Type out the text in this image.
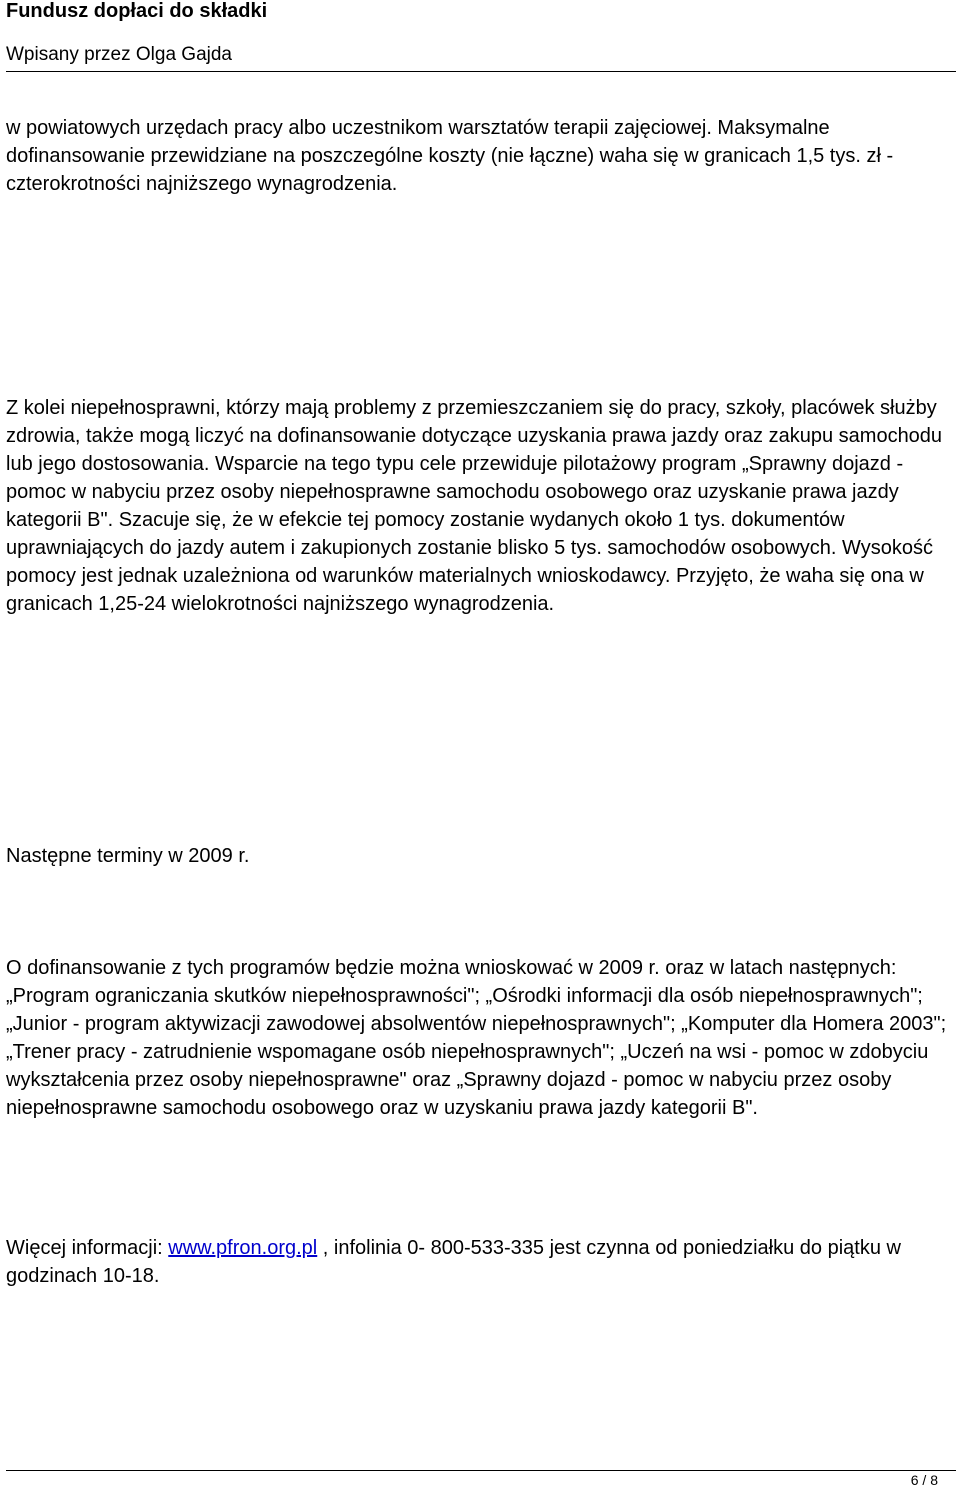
Fundusz dopłaci do składki
Wpisany przez Olga Gajda

w powiatowych urzędach pracy albo uczestnikom warsztatów terapii zajęciowej. Maksymalne dofinansowanie przewidziane na poszczególne koszty (nie łączne) waha się w granicach 1,5 tys. zł - czterokrotności najniższego wynagrodzenia.

Z kolei niepełnosprawni, którzy mają problemy z przemieszczaniem się do pracy, szkoły, placówek służby zdrowia, także mogą liczyć na dofinansowanie dotyczące uzyskania prawa jazdy oraz zakupu samochodu lub jego dostosowania. Wsparcie na tego typu cele przewiduje pilotażowy program „Sprawny dojazd - pomoc w nabyciu przez osoby niepełnosprawne samochodu osobowego oraz uzyskanie prawa jazdy kategorii B". Szacuje się, że w efekcie tej pomocy zostanie wydanych około 1 tys. dokumentów uprawniających do jazdy autem i zakupionych zostanie blisko 5 tys. samochodów osobowych. Wysokość pomocy jest jednak uzależniona od warunków materialnych wnioskodawcy. Przyjęto, że waha się ona w granicach 1,25-24 wielokrotności najniższego wynagrodzenia.

Następne terminy w 2009 r.

O dofinansowanie z tych programów będzie można wnioskować w 2009 r. oraz w latach następnych: „Program ograniczania skutków niepełnosprawności"; „Ośrodki informacji dla osób niepełnosprawnych"; „Junior - program aktywizacji zawodowej absolwentów niepełnosprawnych"; „Komputer dla Homera 2003"; „Trener pracy - zatrudnienie wspomagane osób niepełnosprawnych"; „Uczeń na wsi - pomoc w zdobyciu wykształcenia przez osoby niepełnosprawne" oraz „Sprawny dojazd - pomoc w nabyciu przez osoby niepełnosprawne samochodu osobowego oraz w uzyskaniu prawa jazdy kategorii B".

Więcej informacji: www.pfron.org.pl , infolinia 0- 800-533-335 jest czynna od poniedziałku do piątku w godzinach 10-18.

6 / 8
